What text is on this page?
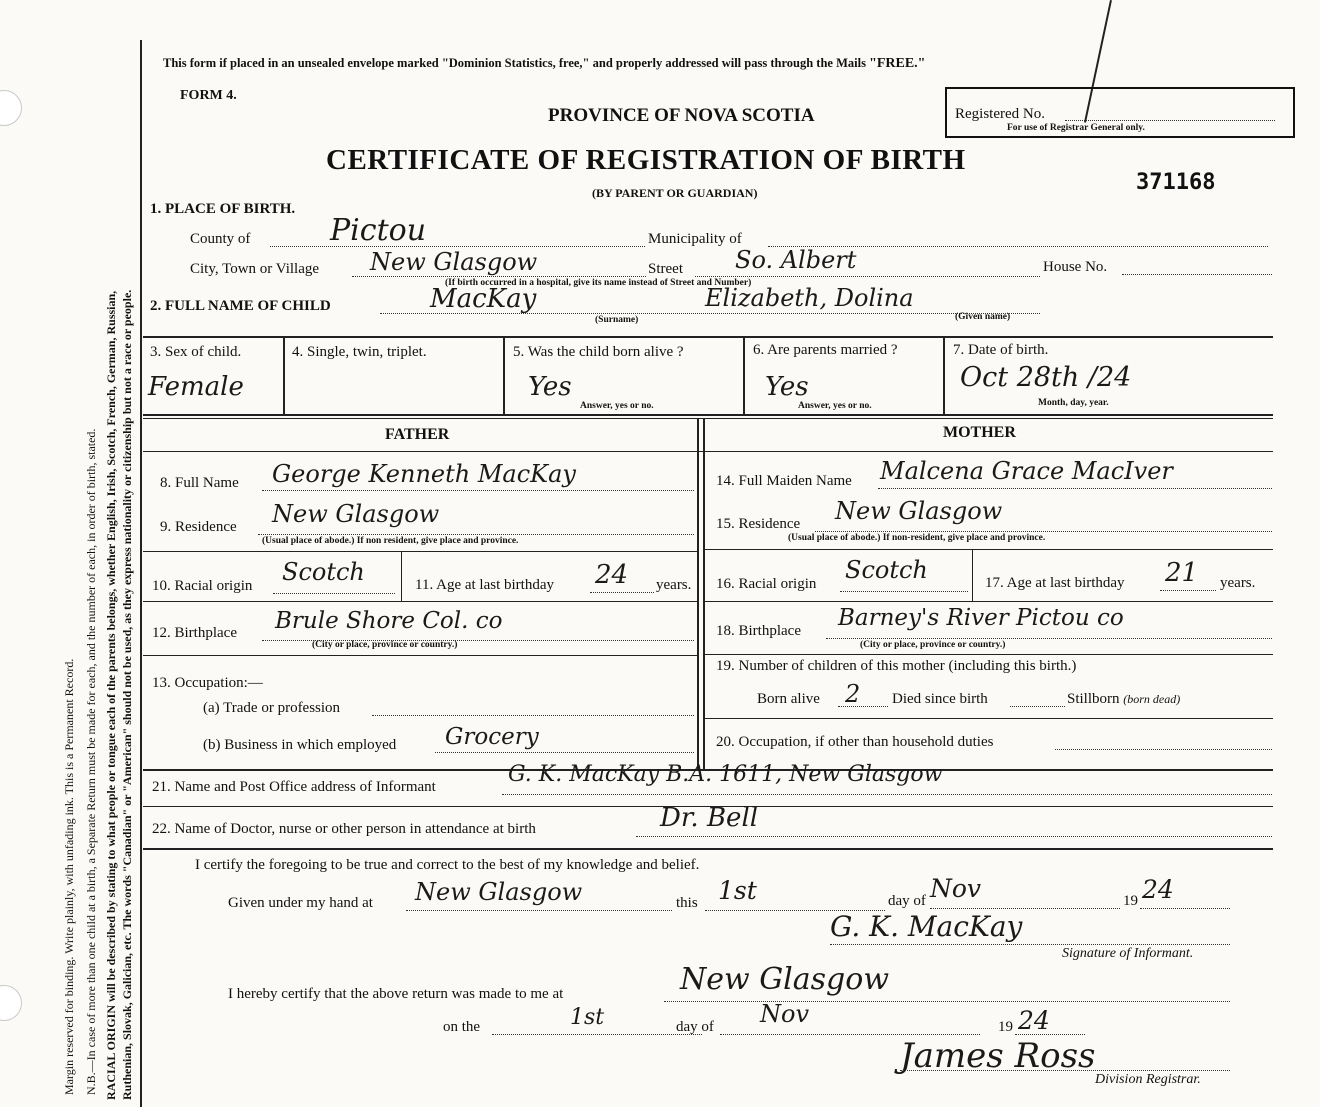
Margin reserved for binding. Write plainly, with unfading ink. This is a Permanent Record. N.B.—In case of more than one child at a birth, a Separate Return must be made for each, and the number of each, in order of birth, stated. RACIAL ORIGIN will be described by stating to what people or tongue each of the parents belongs, whether English, Irish, Scotch, French, German, Russian, Ruthenian, Slovak, Galician, etc. The words "Canadian" or "American" should not be used, as they express nationality or citizenship but not a race or people.
This form if placed in an unsealed envelope marked "Dominion Statistics, free," and properly addressed will pass through the Mails "FREE."
FORM 4.
PROVINCE OF NOVA SCOTIA
CERTIFICATE OF REGISTRATION OF BIRTH
(BY PARENT OR GUARDIAN)
Registered No.
For use of Registrar General only.
371168
1. PLACE OF BIRTH.
County of	Pictou	Municipality of
City, Town or Village New Glasgow	Street So. Albert	House No.
(If birth occurred in a hospital, give its name instead of Street and Number)
2. FULL NAME OF CHILD	MacKay
(Surname)
Elizabeth, Dolina
(Given name)
3. Sex of child.
Female
4. Single, twin, triplet.	5. Was the child born alive ?
Yes
Answer, yes or no.
6. Are parents married ?
Yes
Answer, yes or no.
7. Date of birth.
Oct 28th /24
Month, day, year.
FATHER	MOTHER
8. Full Name George Kenneth MacKay
9. Residence New Glasgow
(Usual place of abode.) If non resident, give place and province.
10. Racial origin Scotch	11. Age at last birthday 24 years.
12. Birthplace Brule Shore Col. co
(City or place, province or country.)
13. Occupation:—
(a) Trade or profession
(b) Business in which employed Grocery
14. Full Maiden Name Malcena Grace MacIver
15. Residence New Glasgow
(Usual place of abode.) If non-resident, give place and province.
16. Racial origin Scotch	17. Age at last birthday 21 years.
18. Birthplace Barney's River Pictou co
(City or place, province or country.)
19. Number of children of this mother (including this birth.)
Born alive 2 Died since birth	Stillborn (born dead)
20. Occupation, if other than household duties
21. Name and Post Office address of Informant	G. K. MacKay B.A. 1611, New Glasgow
22. Name of Doctor, nurse or other person in attendance at birth	Dr. Bell
I certify the foregoing to be true and correct to the best of my knowledge and belief.
Given under my hand at New Glasgow	this 1st	day of Nov	19 24
G. K. MacKay
Signature of Informant.
I hereby certify that the above return was made to me at	New Glasgow
on the	1st	day of Nov	19 24
James Ross
Division Registrar.
